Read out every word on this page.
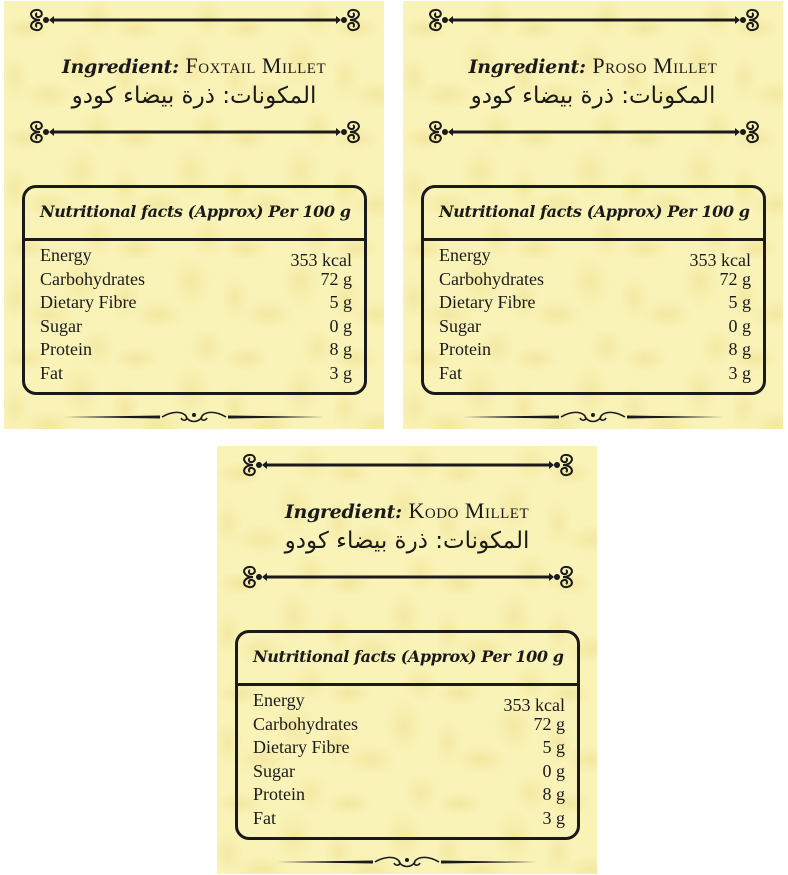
Ingredient: Foxtail Millet
المكونات: ذرة بيضاء كودو
Nutritional facts (Approx) Per 100 g
Energy	353 kcal
Carbohydrates	72 g
Dietary Fibre	5 g
Sugar	0 g
Protein	8 g
Fat	3 g
Ingredient: Proso Millet
المكونات: ذرة بيضاء كودو
Nutritional facts (Approx) Per 100 g
Energy	353 kcal
Carbohydrates	72 g
Dietary Fibre	5 g
Sugar	0 g
Protein	8 g
Fat	3 g
Ingredient: Kodo Millet
المكونات: ذرة بيضاء كودو
Nutritional facts (Approx) Per 100 g
Energy	353 kcal
Carbohydrates	72 g
Dietary Fibre	5 g
Sugar	0 g
Protein	8 g
Fat	3 g
